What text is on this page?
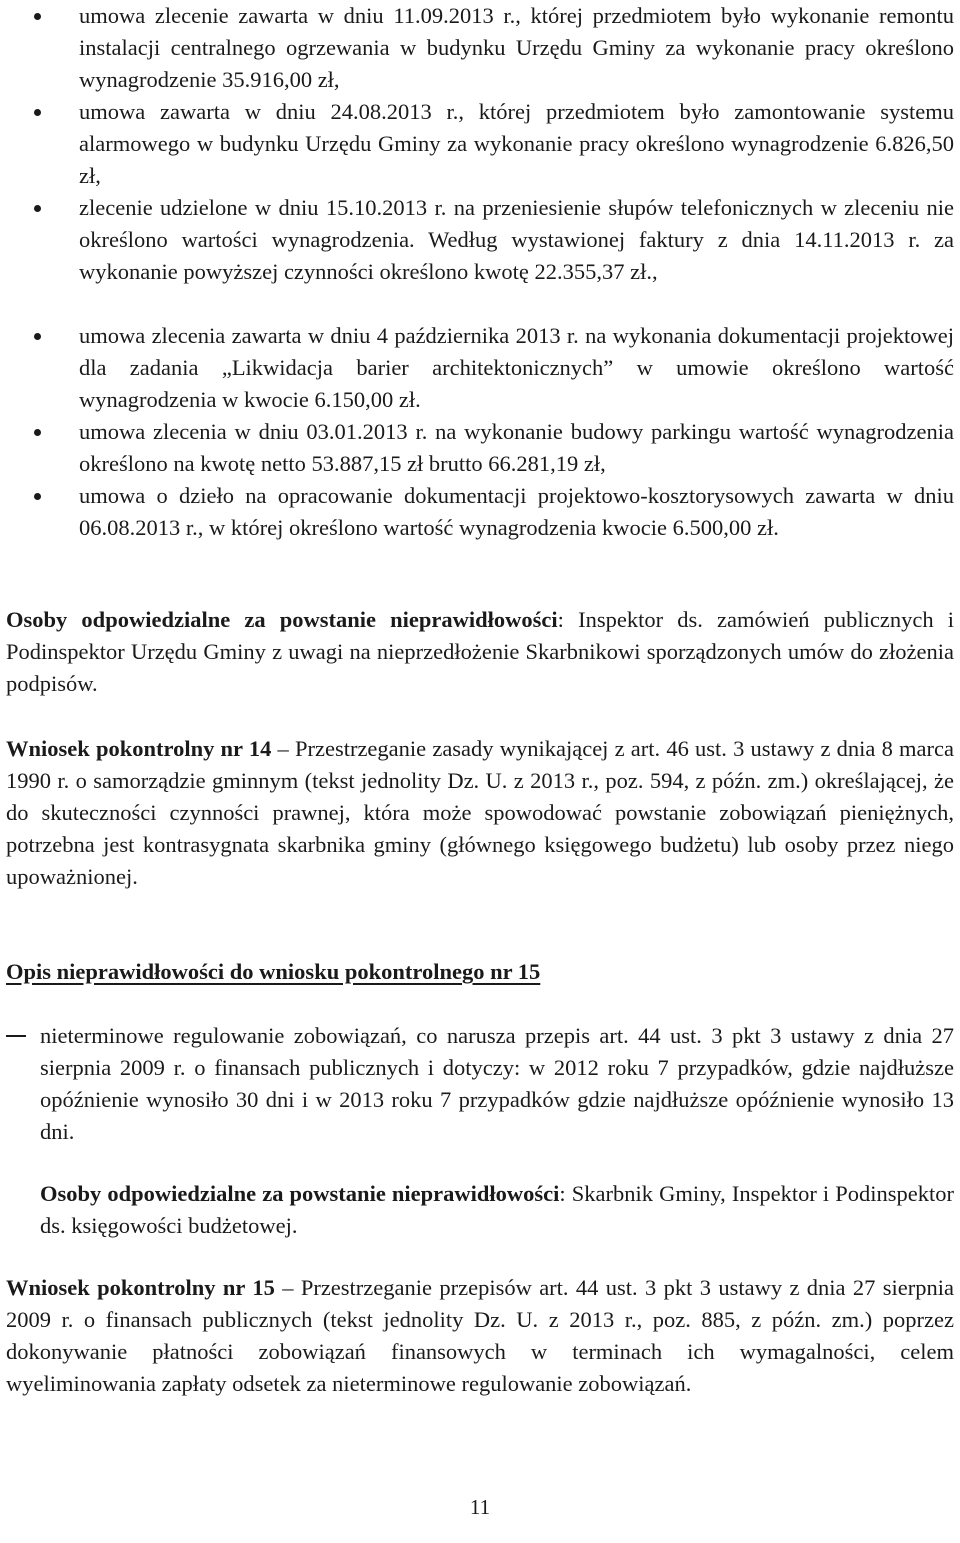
umowa zlecenie zawarta w dniu 11.09.2013 r., której przedmiotem było wykonanie remontu instalacji centralnego ogrzewania w budynku Urzędu Gminy za wykonanie pracy określono wynagrodzenie 35.916,00 zł,
umowa zawarta w dniu 24.08.2013 r., której przedmiotem było zamontowanie systemu alarmowego w budynku Urzędu Gminy za wykonanie pracy określono wynagrodzenie 6.826,50 zł,
zlecenie udzielone w dniu 15.10.2013 r. na przeniesienie słupów telefonicznych w zleceniu nie określono wartości wynagrodzenia. Według wystawionej faktury z dnia 14.11.2013 r. za wykonanie powyższej czynności określono kwotę 22.355,37 zł.,
umowa zlecenia zawarta w dniu 4 października 2013 r. na wykonania dokumentacji projektowej dla zadania „Likwidacja barier architektonicznych” w umowie określono wartość wynagrodzenia w kwocie 6.150,00 zł.
umowa zlecenia w dniu 03.01.2013 r. na wykonanie budowy parkingu wartość wynagrodzenia określono na kwotę netto 53.887,15 zł brutto 66.281,19 zł,
umowa o dzieło na opracowanie dokumentacji projektowo-kosztorysowych zawarta w dniu 06.08.2013 r., w której określono wartość wynagrodzenia kwocie 6.500,00 zł.

Osoby odpowiedzialne za powstanie nieprawidłowości: Inspektor ds. zamówień publicznych i Podinspektor Urzędu Gminy z uwagi na nieprzedłożenie Skarbnikowi sporządzonych umów do złożenia podpisów.

Wniosek pokontrolny nr 14 – Przestrzeganie zasady wynikającej z art. 46 ust. 3 ustawy z dnia 8 marca 1990 r. o samorządzie gminnym (tekst jednolity Dz. U. z 2013 r., poz. 594, z późn. zm.) określającej, że do skuteczności czynności prawnej, która może spowodować powstanie zobowiązań pieniężnych, potrzebna jest kontrasygnata skarbnika gminy (głównego księgowego budżetu) lub osoby przez niego upoważnionej.

Opis nieprawidłowości do wniosku pokontrolnego nr 15

nieterminowe regulowanie zobowiązań, co narusza przepis art. 44 ust. 3 pkt 3 ustawy z dnia 27 sierpnia 2009 r. o finansach publicznych i dotyczy: w 2012 roku 7 przypadków, gdzie najdłuższe opóźnienie wynosiło 30 dni i w 2013 roku 7 przypadków gdzie najdłuższe opóźnienie wynosiło 13 dni.

Osoby odpowiedzialne za powstanie nieprawidłowości: Skarbnik Gminy, Inspektor i Podinspektor ds. księgowości budżetowej.

Wniosek pokontrolny nr 15 – Przestrzeganie przepisów art. 44 ust. 3 pkt 3 ustawy z dnia 27 sierpnia 2009 r. o finansach publicznych (tekst jednolity Dz. U. z 2013 r., poz. 885, z późn. zm.) poprzez dokonywanie płatności zobowiązań finansowych w terminach ich wymagalności, celem wyeliminowania zapłaty odsetek za nieterminowe regulowanie zobowiązań.

11
